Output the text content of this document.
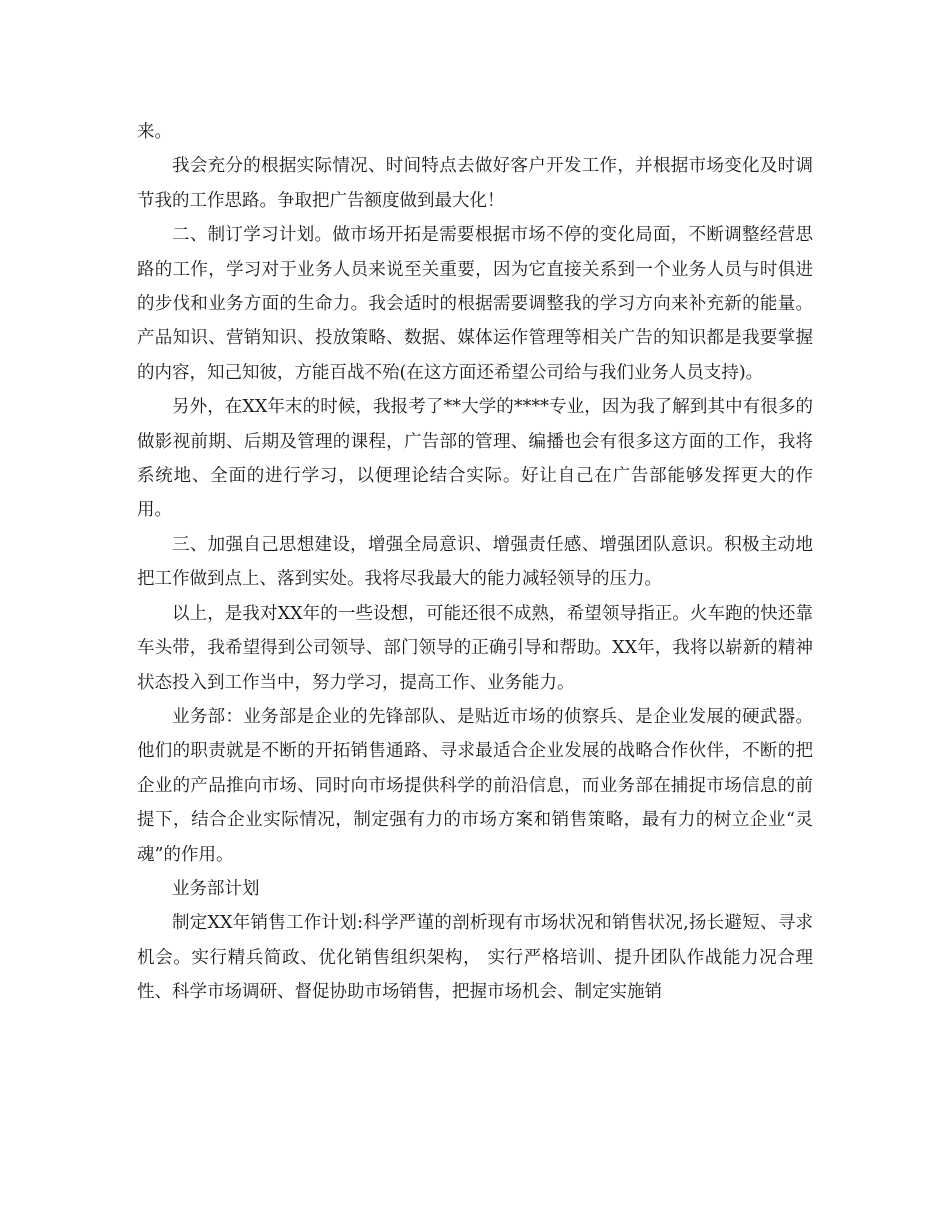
来。

我会充分的根据实际情况、时间特点去做好客户开发工作，并根据市场变化及时调节我的工作思路。争取把广告额度做到最大化！

二、制订学习计划。做市场开拓是需要根据市场不停的变化局面，不断调整经营思路的工作，学习对于业务人员来说至关重要，因为它直接关系到一个业务人员与时俱进的步伐和业务方面的生命力。我会适时的根据需要调整我的学习方向来补充新的能量。产品知识、营销知识、投放策略、数据、媒体运作管理等相关广告的知识都是我要掌握的内容，知己知彼，方能百战不殆(在这方面还希望公司给与我们业务人员支持)。

另外，在XX年末的时候，我报考了**大学的****专业，因为我了解到其中有很多的做影视前期、后期及管理的课程，广告部的管理、编播也会有很多这方面的工作，我将系统地、全面的进行学习，以便理论结合实际。好让自己在广告部能够发挥更大的作用。

三、加强自己思想建设，增强全局意识、增强责任感、增强团队意识。积极主动地把工作做到点上、落到实处。我将尽我最大的能力减轻领导的压力。

以上，是我对XX年的一些设想，可能还很不成熟，希望领导指正。火车跑的快还靠车头带，我希望得到公司领导、部门领导的正确引导和帮助。XX年，我将以崭新的精神状态投入到工作当中，努力学习，提高工作、业务能力。

业务部：业务部是企业的先锋部队、是贴近市场的侦察兵、是企业发展的硬武器。他们的职责就是不断的开拓销售通路、寻求最适合企业发展的战略合作伙伴，不断的把企业的产品推向市场、同时向市场提供科学的前沿信息，而业务部在捕捉市场信息的前提下，结合企业实际情况，制定强有力的市场方案和销售策略，最有力的树立企业“灵魂”的作用。

业务部计划

制定XX年销售工作计划:科学严谨的剖析现有市场状况和销售状况,扬长避短、寻求机会。实行精兵简政、优化销售组织架构， 实行严格培训、提升团队作战能力况合理性、科学市场调研、督促协助市场销售，把握市场机会、制定实施销
